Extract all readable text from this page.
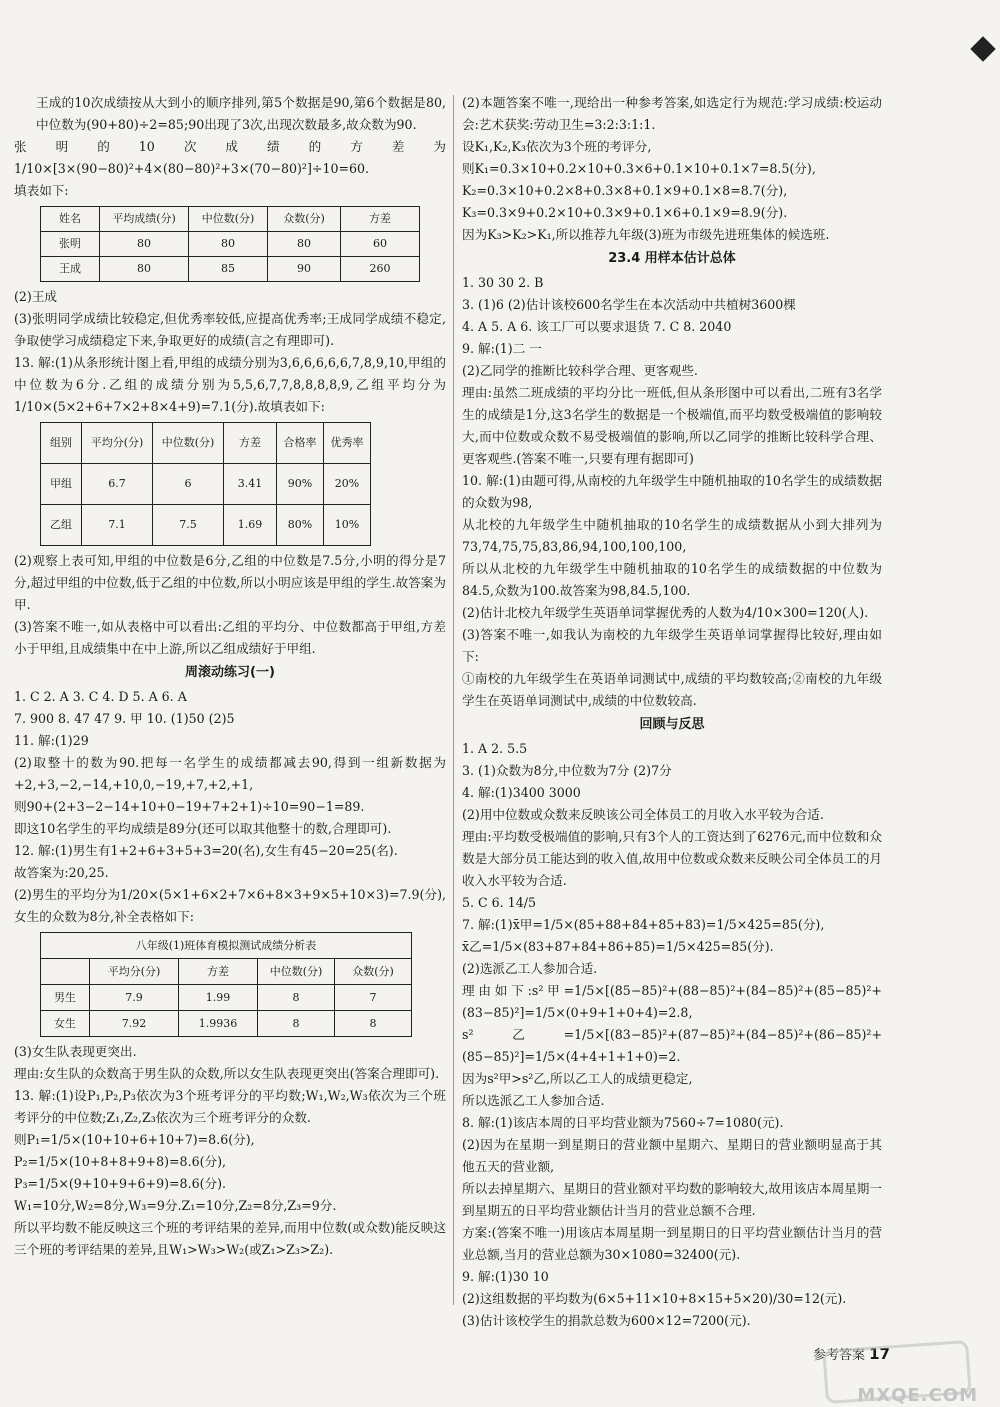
王成的10次成绩按从大到小的顺序排列,第5个数据是90,第6个数据是80,中位数为(90+80)÷2=85;90出现了3次,出现次数最多,故众数为90.

张明的10次成绩的方差为1/10×[3×(90−80)²+4×(80−80)²+3×(70−80)²]÷10=60.

填表如下:

姓名	平均成绩(分)	中位数(分)	众数(分)	方差
张明	80	80	80	60
王成	80	85	90	260

(2)王成

(3)张明同学成绩比较稳定,但优秀率较低,应提高优秀率;王成同学成绩不稳定,争取使学习成绩稳定下来,争取更好的成绩(言之有理即可).

13. 解:(1)从条形统计图上看,甲组的成绩分别为3,6,6,6,6,6,7,8,9,10,甲组的中位数为6分.乙组的成绩分别为5,5,6,7,7,8,8,8,8,9,乙组平均分为1/10×(5×2+6+7×2+8×4+9)=7.1(分).故填表如下:

组别	平均分(分)	中位数(分)	方差	合格率	优秀率
甲组	6.7	6	3.41	90%	20%
乙组	7.1	7.5	1.69	80%	10%

(2)观察上表可知,甲组的中位数是6分,乙组的中位数是7.5分,小明的得分是7分,超过甲组的中位数,低于乙组的中位数,所以小明应该是甲组的学生.故答案为甲.

(3)答案不唯一,如从表格中可以看出:乙组的平均分、中位数都高于甲组,方差小于甲组,且成绩集中在中上游,所以乙组成绩好于甲组.

周滚动练习(一)

1. C 2. A 3. C 4. D 5. A 6. A

7. 900 8. 47 47 9. 甲 10. (1)50 (2)5

11. 解:(1)29

(2)取整十的数为90.把每一名学生的成绩都减去90,得到一组新数据为+2,+3,−2,−14,+10,0,−19,+7,+2,+1,

则90+(2+3−2−14+10+0−19+7+2+1)÷10=90−1=89.

即这10名学生的平均成绩是89分(还可以取其他整十的数,合理即可).

12. 解:(1)男生有1+2+6+3+5+3=20(名),女生有45−20=25(名).

故答案为:20,25.

(2)男生的平均分为1/20×(5×1+6×2+7×6+8×3+9×5+10×3)=7.9(分),女生的众数为8分,补全表格如下:

八年级(1)班体育模拟测试成绩分析表				
	平均分(分)	方差	中位数(分)	众数(分)
男生	7.9	1.99	8	7
女生	7.92	1.9936	8	8

(3)女生队表现更突出.

理由:女生队的众数高于男生队的众数,所以女生队表现更突出(答案合理即可).

13. 解:(1)设P₁,P₂,P₃依次为3个班考评分的平均数;W₁,W₂,W₃依次为三个班考评分的中位数;Z₁,Z₂,Z₃依次为三个班考评分的众数.

则P₁=1/5×(10+10+6+10+7)=8.6(分),

P₂=1/5×(10+8+8+9+8)=8.6(分),

P₃=1/5×(9+10+9+6+9)=8.6(分).

W₁=10分,W₂=8分,W₃=9分.Z₁=10分,Z₂=8分,Z₃=9分.

所以平均数不能反映这三个班的考评结果的差异,而用中位数(或众数)能反映这三个班的考评结果的差异,且W₁>W₃>W₂(或Z₁>Z₃>Z₂).

(2)本题答案不唯一,现给出一种参考答案,如选定行为规范:学习成绩:校运动会:艺术获奖:劳动卫生=3:2:3:1:1.

设K₁,K₂,K₃依次为3个班的考评分,

则K₁=0.3×10+0.2×10+0.3×6+0.1×10+0.1×7=8.5(分),

K₂=0.3×10+0.2×8+0.3×8+0.1×9+0.1×8=8.7(分),

K₃=0.3×9+0.2×10+0.3×9+0.1×6+0.1×9=8.9(分).

因为K₃>K₂>K₁,所以推荐九年级(3)班为市级先进班集体的候选班.

23.4 用样本估计总体

1. 30 30 2. B

3. (1)6 (2)估计该校600名学生在本次活动中共植树3600棵

4. A 5. A 6. 该工厂可以要求退货 7. C 8. 2040

9. 解:(1)二 一

(2)乙同学的推断比较科学合理、更客观些.

理由:虽然二班成绩的平均分比一班低,但从条形图中可以看出,二班有3名学生的成绩是1分,这3名学生的数据是一个极端值,而平均数受极端值的影响较大,而中位数或众数不易受极端值的影响,所以乙同学的推断比较科学合理、更客观些.(答案不唯一,只要有理有据即可)

10. 解:(1)由题可得,从南校的九年级学生中随机抽取的10名学生的成绩数据的众数为98,

从北校的九年级学生中随机抽取的10名学生的成绩数据从小到大排列为73,74,75,75,83,86,94,100,100,100,

所以从北校的九年级学生中随机抽取的10名学生的成绩数据的中位数为84.5,众数为100.故答案为98,84.5,100.

(2)估计北校九年级学生英语单词掌握优秀的人数为4/10×300=120(人).

(3)答案不唯一,如我认为南校的九年级学生英语单词掌握得比较好,理由如下:

①南校的九年级学生在英语单词测试中,成绩的平均数较高;②南校的九年级学生在英语单词测试中,成绩的中位数较高.

回顾与反思

1. A 2. 5.5

3. (1)众数为8分,中位数为7分 (2)7分

4. 解:(1)3400 3000

(2)用中位数或众数来反映该公司全体员工的月收入水平较为合适.

理由:平均数受极端值的影响,只有3个人的工资达到了6276元,而中位数和众数是大部分员工能达到的收入值,故用中位数或众数来反映公司全体员工的月收入水平较为合适.

5. C 6. 14/5

7. 解:(1)x̄甲=1/5×(85+88+84+85+83)=1/5×425=85(分),

x̄乙=1/5×(83+87+84+86+85)=1/5×425=85(分).

(2)选派乙工人参加合适.

理由如下:s²甲=1/5×[(85−85)²+(88−85)²+(84−85)²+(85−85)²+(83−85)²]=1/5×(0+9+1+0+4)=2.8,

s²乙=1/5×[(83−85)²+(87−85)²+(84−85)²+(86−85)²+(85−85)²]=1/5×(4+4+1+1+0)=2.

因为s²甲>s²乙,所以乙工人的成绩更稳定,

所以选派乙工人参加合适.

8. 解:(1)该店本周的日平均营业额为7560÷7=1080(元).

(2)因为在星期一到星期日的营业额中星期六、星期日的营业额明显高于其他五天的营业额,

所以去掉星期六、星期日的营业额对平均数的影响较大,故用该店本周星期一到星期五的日平均营业额估计当月的营业总额不合理.

方案:(答案不唯一)用该店本周星期一到星期日的日平均营业额估计当月的营业总额,当月的营业总额为30×1080=32400(元).

9. 解:(1)30 10

(2)这组数据的平均数为(6×5+11×10+8×15+5×20)/30=12(元).

(3)估计该校学生的捐款总数为600×12=7200(元).

参考答案 17
MXQE.COM
